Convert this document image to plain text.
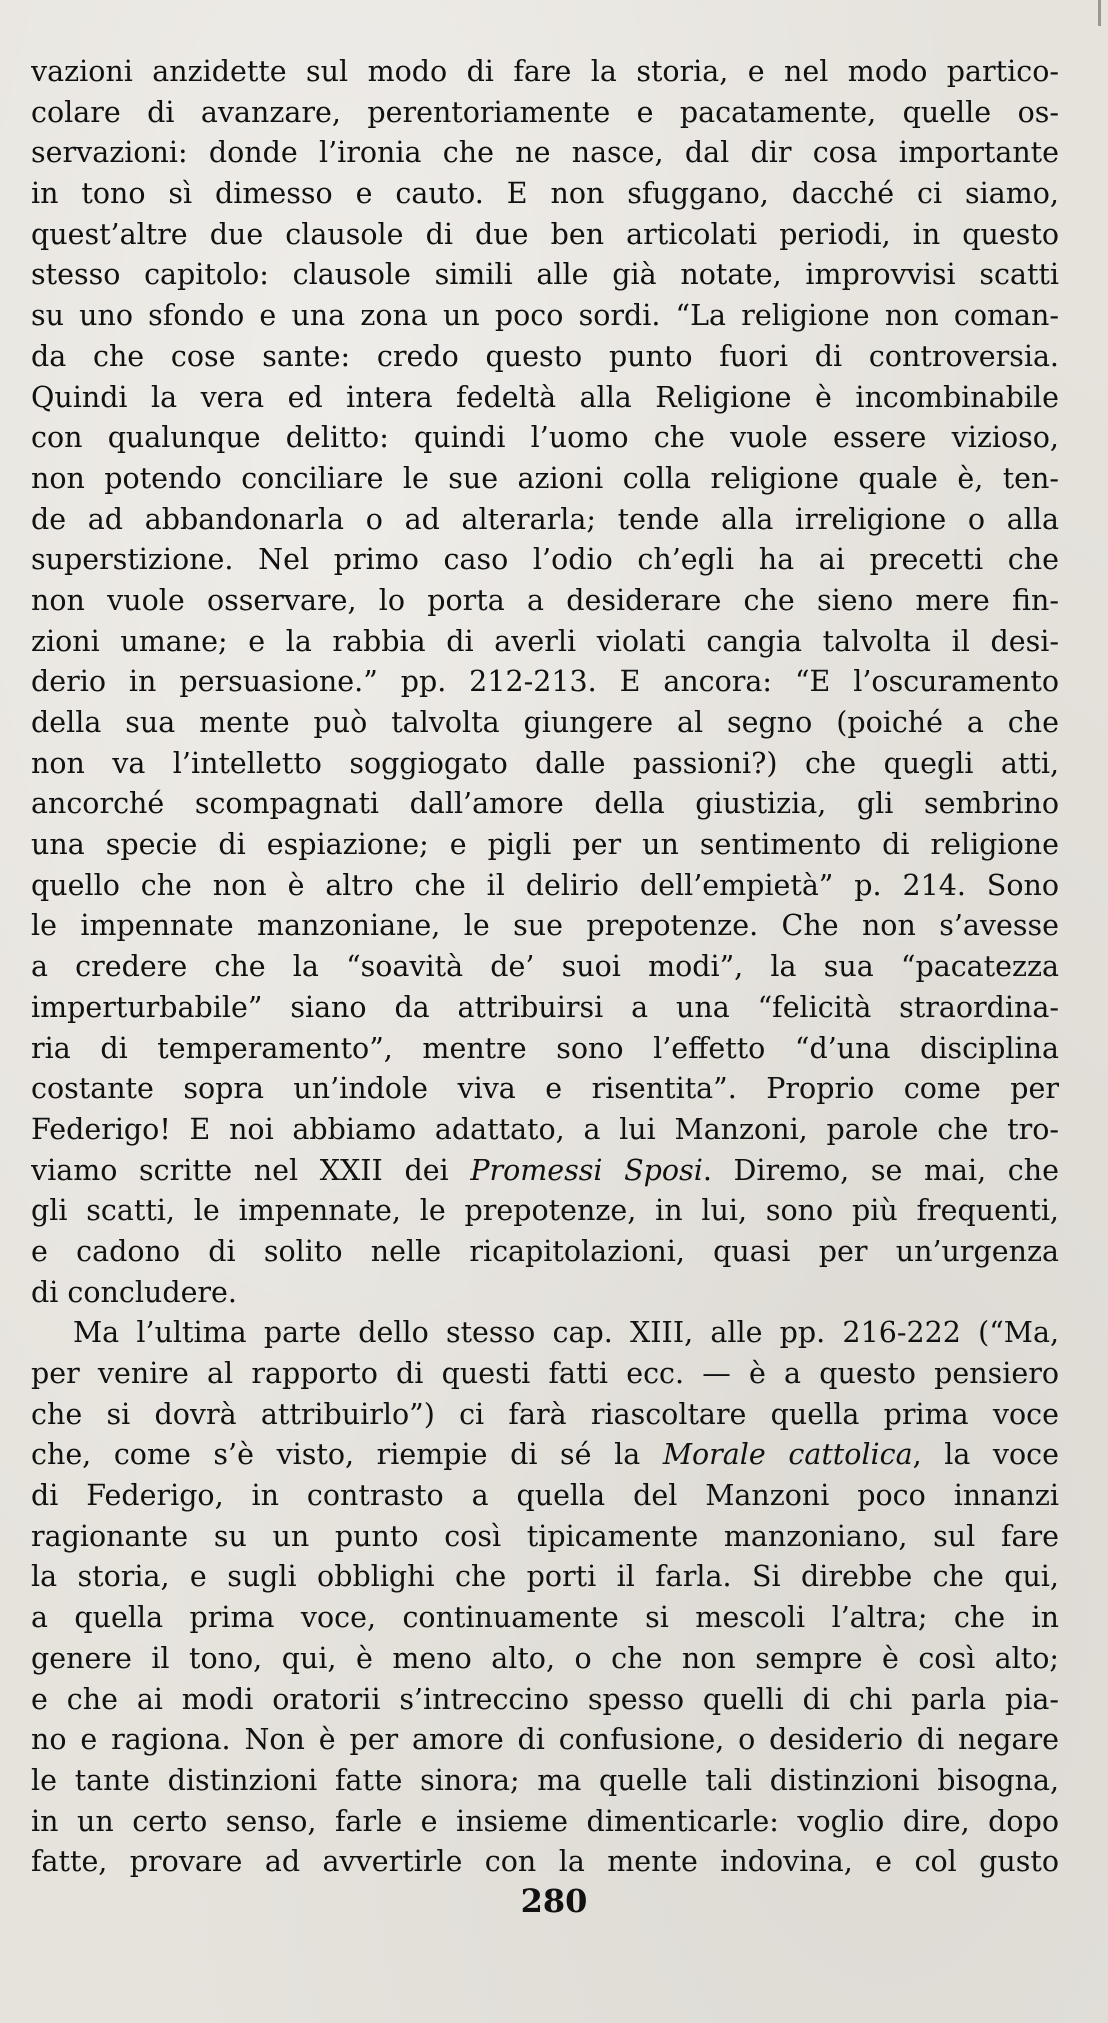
vazioni anzidette sul modo di fare la storia, e nel modo partico-
colare di avanzare, perentoriamente e pacatamente, quelle os-
servazioni: donde l’ironia che ne nasce, dal dir cosa importante
in tono sì dimesso e cauto. E non sfuggano, dacché ci siamo,
quest’altre due clausole di due ben articolati periodi, in questo
stesso capitolo: clausole simili alle già notate, improvvisi scatti
su uno sfondo e una zona un poco sordi. “La religione non coman-
da che cose sante: credo questo punto fuori di controversia.
Quindi la vera ed intera fedeltà alla Religione è incombinabile
con qualunque delitto: quindi l’uomo che vuole essere vizioso,
non potendo conciliare le sue azioni colla religione quale è, ten-
de ad abbandonarla o ad alterarla; tende alla irreligione o alla
superstizione. Nel primo caso l’odio ch’egli ha ai precetti che
non vuole osservare, lo porta a desiderare che sieno mere fin-
zioni umane; e la rabbia di averli violati cangia talvolta il desi-
derio in persuasione.” pp. 212-213. E ancora: “E l’oscuramento
della sua mente può talvolta giungere al segno (poiché a che
non va l’intelletto soggiogato dalle passioni?) che quegli atti,
ancorché scompagnati dall’amore della giustizia, gli sembrino
una specie di espiazione; e pigli per un sentimento di religione
quello che non è altro che il delirio dell’empietà” p. 214. Sono
le impennate manzoniane, le sue prepotenze. Che non s’avesse
a credere che la “soavità de’ suoi modi”, la sua “pacatezza
imperturbabile” siano da attribuirsi a una “felicità straordina-
ria di temperamento”, mentre sono l’effetto “d’una disciplina
costante sopra un’indole viva e risentita”. Proprio come per
Federigo! E noi abbiamo adattato, a lui Manzoni, parole che tro-
viamo scritte nel XXII dei Promessi Sposi. Diremo, se mai, che
gli scatti, le impennate, le prepotenze, in lui, sono più frequenti,
e cadono di solito nelle ricapitolazioni, quasi per un’urgenza
di concludere.
Ma l’ultima parte dello stesso cap. XIII, alle pp. 216-222 (“Ma,
per venire al rapporto di questi fatti ecc. — è a questo pensiero
che si dovrà attribuirlo”) ci farà riascoltare quella prima voce
che, come s’è visto, riempie di sé la Morale cattolica, la voce
di Federigo, in contrasto a quella del Manzoni poco innanzi
ragionante su un punto così tipicamente manzoniano, sul fare
la storia, e sugli obblighi che porti il farla. Si direbbe che qui,
a quella prima voce, continuamente si mescoli l’altra; che in
genere il tono, qui, è meno alto, o che non sempre è così alto;
e che ai modi oratorii s’intreccino spesso quelli di chi parla pia-
no e ragiona. Non è per amore di confusione, o desiderio di negare
le tante distinzioni fatte sinora; ma quelle tali distinzioni bisogna,
in un certo senso, farle e insieme dimenticarle: voglio dire, dopo
fatte, provare ad avvertirle con la mente indovina, e col gusto
280
